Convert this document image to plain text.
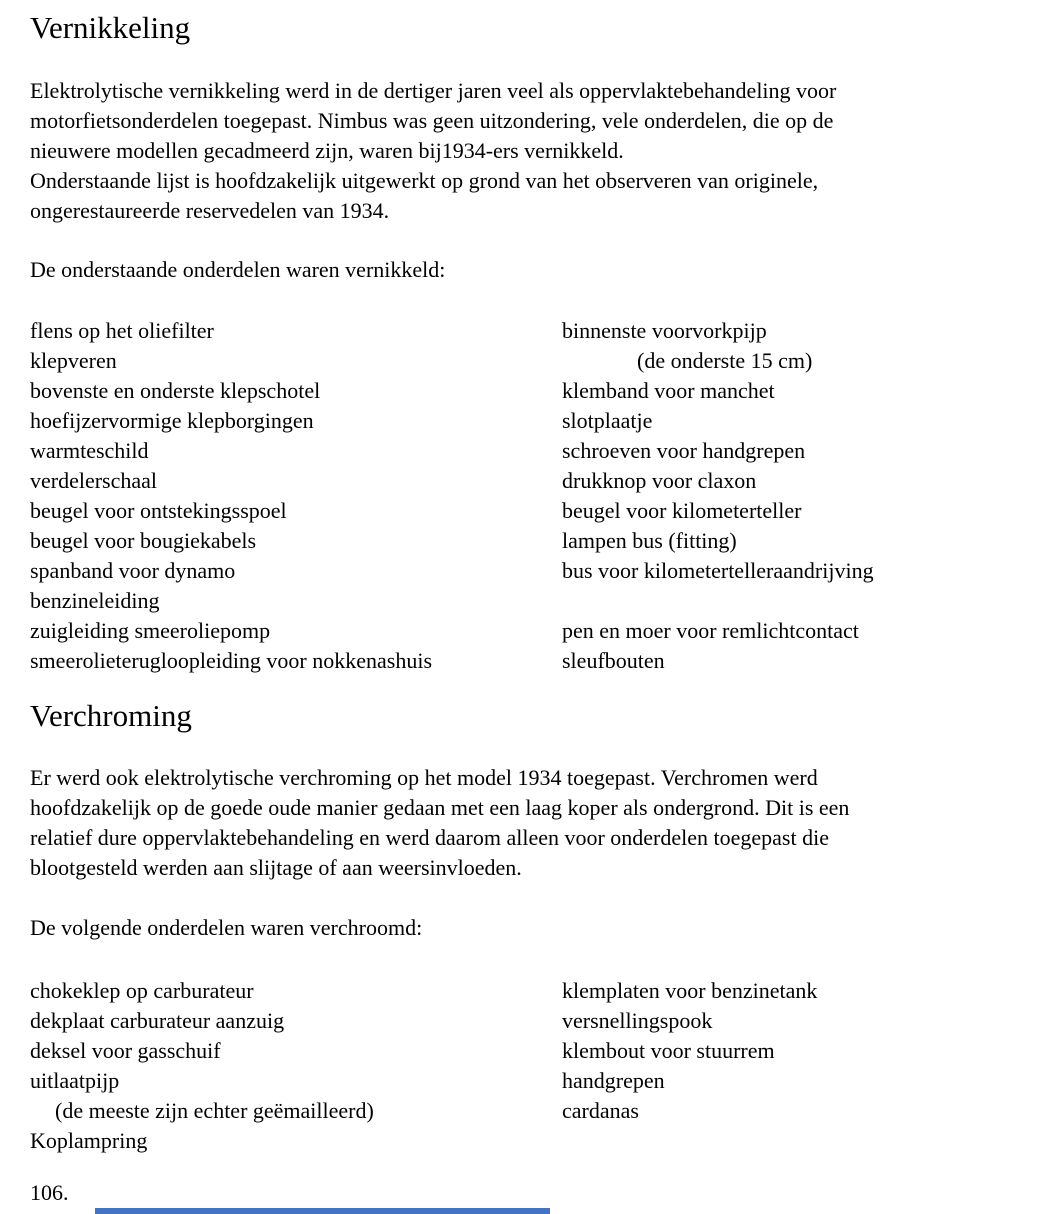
Vernikkeling
Elektrolytische vernikkeling werd in de dertiger jaren veel als oppervlaktebehandeling voor
motorfietsonderdelen toegepast. Nimbus was geen uitzondering, vele onderdelen, die op de
nieuwere modellen gecadmeerd zijn, waren bij1934-ers vernikkeld.
Onderstaande lijst is hoofdzakelijk uitgewerkt op grond van het observeren van originele,
ongerestaureerde reservedelen van 1934.
De onderstaande onderdelen waren vernikkeld:
flens op het oliefilter
klepveren
bovenste en onderste klepschotel
hoefijzervormige klepborgingen
warmteschild
verdelerschaal
beugel voor ontstekingsspoel
beugel voor bougiekabels
spanband voor dynamo
benzineleiding
zuigleiding smeeroliepomp
smeerolieterugloopleiding voor nokkenashuis
binnenste voorvorkpijp
(de onderste 15 cm)
klemband voor manchet
slotplaatje
schroeven voor handgrepen
drukknop voor claxon
beugel voor kilometerteller
lampen bus (fitting)
bus voor kilometertelleraandrijving

pen en moer voor remlichtcontact
sleufbouten
Verchroming
Er werd ook elektrolytische verchroming op het model 1934 toegepast. Verchromen werd
hoofdzakelijk op de goede oude manier gedaan met een laag koper als ondergrond. Dit is een
relatief dure oppervlaktebehandeling en werd daarom alleen voor onderdelen toegepast die
blootgesteld werden aan slijtage of aan weersinvloeden.
De volgende onderdelen waren verchroomd:
chokeklep op carburateur
dekplaat carburateur aanzuig
deksel voor gasschuif
uitlaatpijp
(de meeste zijn echter geëmailleerd)
Koplampring
klemplaten voor benzinetank
versnellingspook
klembout voor stuurrem
handgrepen
cardanas

106.
